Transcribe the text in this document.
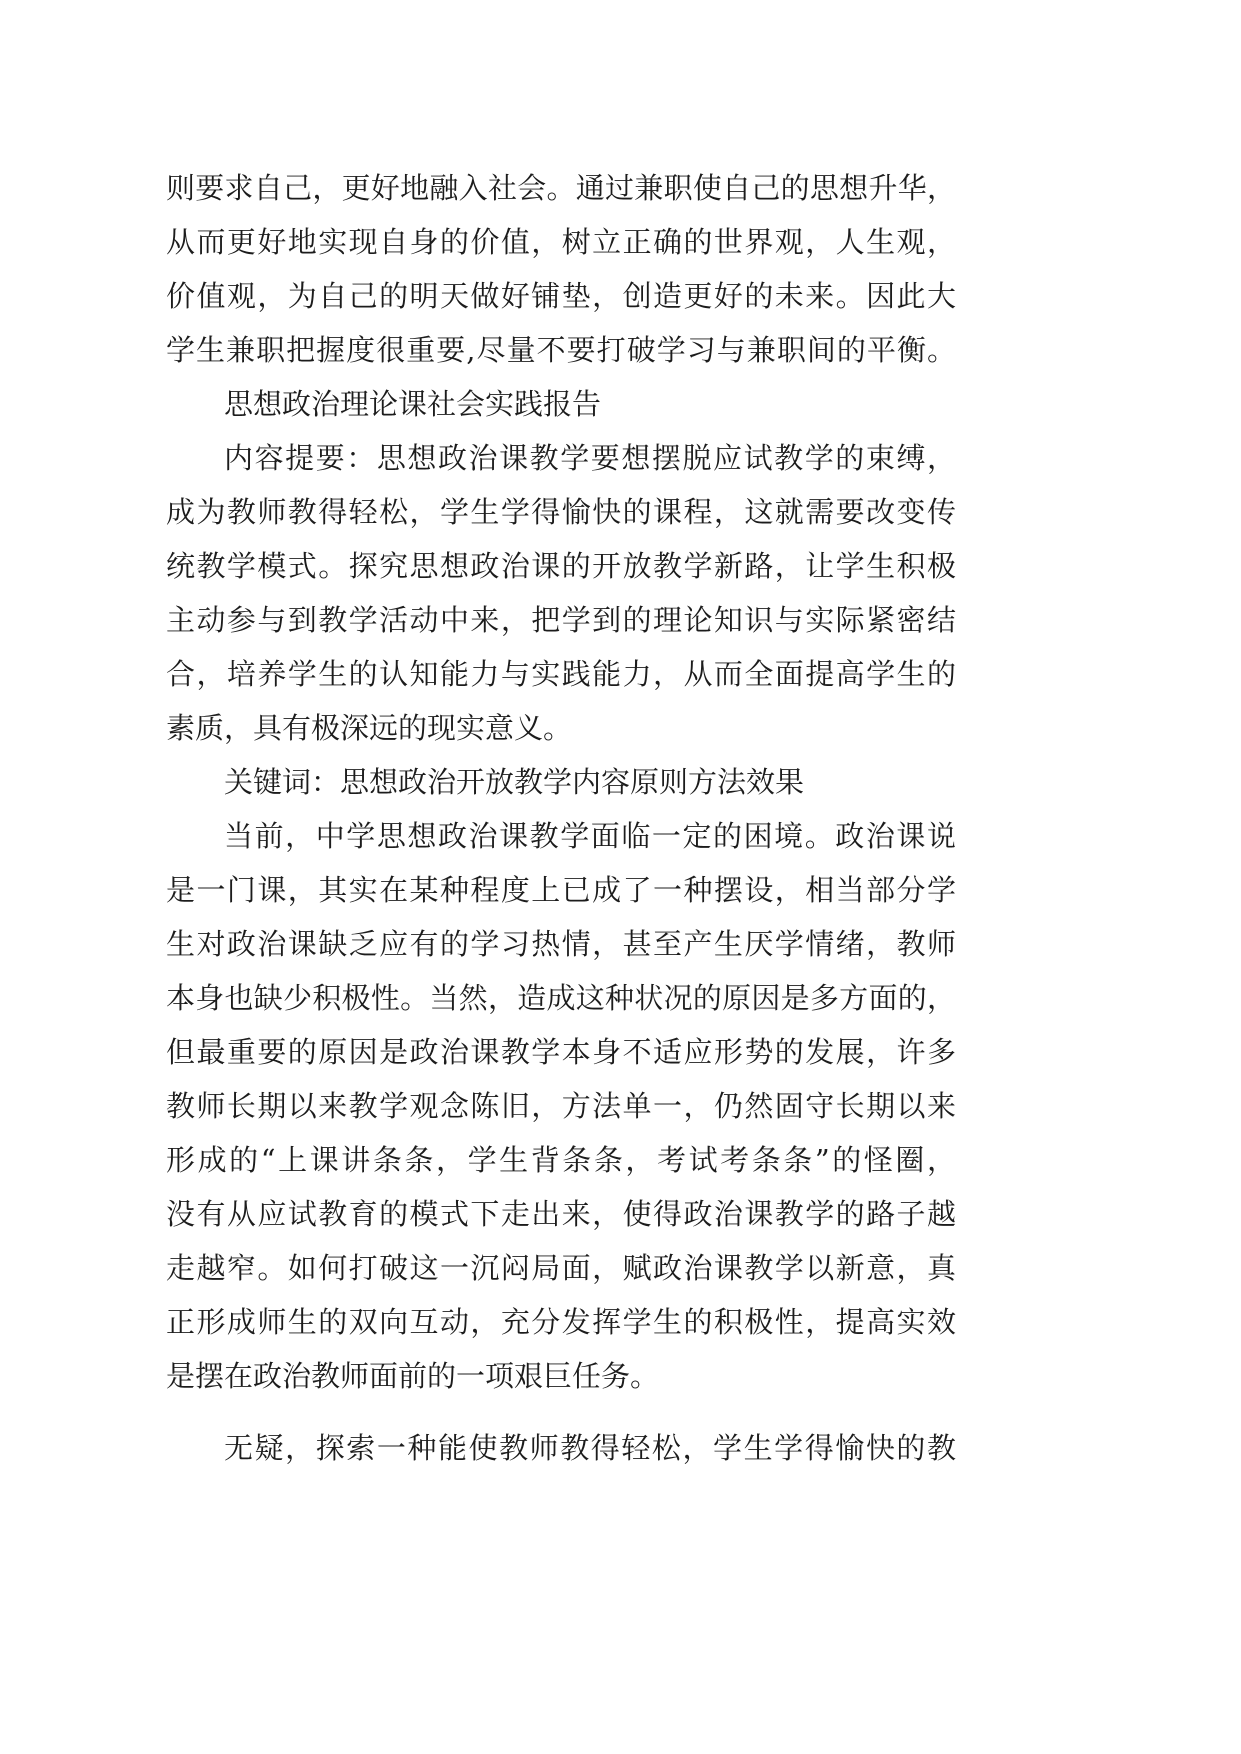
则要求自己，更好地融入社会。通过兼职使自己的思想升华，
从而更好地实现自身的价值，树立正确的世界观，人生观，
价值观，为自己的明天做好铺垫，创造更好的未来。因此大
学生兼职把握度很重要,尽量不要打破学习与兼职间的平衡。
思想政治理论课社会实践报告
内容提要：思想政治课教学要想摆脱应试教学的束缚，
成为教师教得轻松，学生学得愉快的课程，这就需要改变传
统教学模式。探究思想政治课的开放教学新路，让学生积极
主动参与到教学活动中来，把学到的理论知识与实际紧密结
合，培养学生的认知能力与实践能力，从而全面提高学生的
素质，具有极深远的现实意义。
关键词：思想政治开放教学内容原则方法效果
当前，中学思想政治课教学面临一定的困境。政治课说
是一门课，其实在某种程度上已成了一种摆设，相当部分学
生对政治课缺乏应有的学习热情，甚至产生厌学情绪，教师
本身也缺少积极性。当然，造成这种状况的原因是多方面的，
但最重要的原因是政治课教学本身不适应形势的发展，许多
教师长期以来教学观念陈旧，方法单一，仍然固守长期以来
形成的“上课讲条条，学生背条条，考试考条条”的怪圈，
没有从应试教育的模式下走出来，使得政治课教学的路子越
走越窄。如何打破这一沉闷局面，赋政治课教学以新意，真
正形成师生的双向互动，充分发挥学生的积极性，提高实效
是摆在政治教师面前的一项艰巨任务。
无疑，探索一种能使教师教得轻松，学生学得愉快的教
